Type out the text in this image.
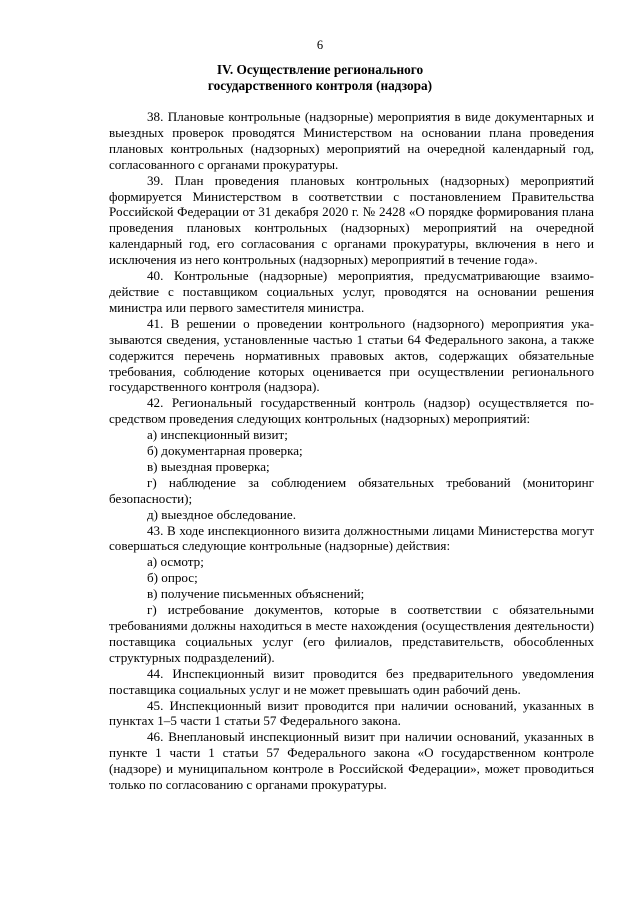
6
IV. Осуществление регионального
государственного контроля (надзора)

38. Плановые контрольные (надзорные) мероприятия в виде документарных и выездных проверок проводятся Министерством на основании плана проведения плановых контрольных (надзорных) мероприятий на очередной календарный год, согласованного с органами прокуратуры.

39. План проведения плановых контрольных (надзорных) мероприятий формируется Министерством в соответствии с постановлением Правительства Российской Федерации от 31 декабря 2020 г. № 2428 «О порядке формирования плана проведения плановых контрольных (надзорных) мероприятий на очередной календарный год, его согласования с органами прокуратуры, включения в него и исключения из него контрольных (надзорных) мероприятий в течение года».

40. Контрольные (надзорные) мероприятия, предусматривающие взаимодействие с поставщиком социальных услуг, проводятся на основании решения министра или первого заместителя министра.

41. В решении о проведении контрольного (надзорного) мероприятия указываются сведения, установленные частью 1 статьи 64 Федерального закона, а также содержится перечень нормативных правовых актов, содержащих обязательные требования, соблюдение которых оценивается при осуществлении регионального государственного контроля (надзора).

42. Региональный государственный контроль (надзор) осуществляется посредством проведения следующих контрольных (надзорных) мероприятий:

а) инспекционный визит;

б) документарная проверка;

в) выездная проверка;

г) наблюдение за соблюдением обязательных требований (мониторинг безопасности);

д) выездное обследование.

43. В ходе инспекционного визита должностными лицами Министерства могут совершаться следующие контрольные (надзорные) действия:

а) осмотр;

б) опрос;

в) получение письменных объяснений;

г) истребование документов, которые в соответствии с обязательными требованиями должны находиться в месте нахождения (осуществления деятельности) поставщика социальных услуг (его филиалов, представительств, обособленных структурных подразделений).

44. Инспекционный визит проводится без предварительного уведомления поставщика социальных услуг и не может превышать один рабочий день.

45. Инспекционный визит проводится при наличии оснований, указанных в пунктах 1–5 части 1 статьи 57 Федерального закона.

46. Внеплановый инспекционный визит при наличии оснований, указанных в пункте 1 части 1 статьи 57 Федерального закона «О государственном контроле (надзоре) и муниципальном контроле в Российской Федерации», может проводиться только по согласованию с органами прокуратуры.
